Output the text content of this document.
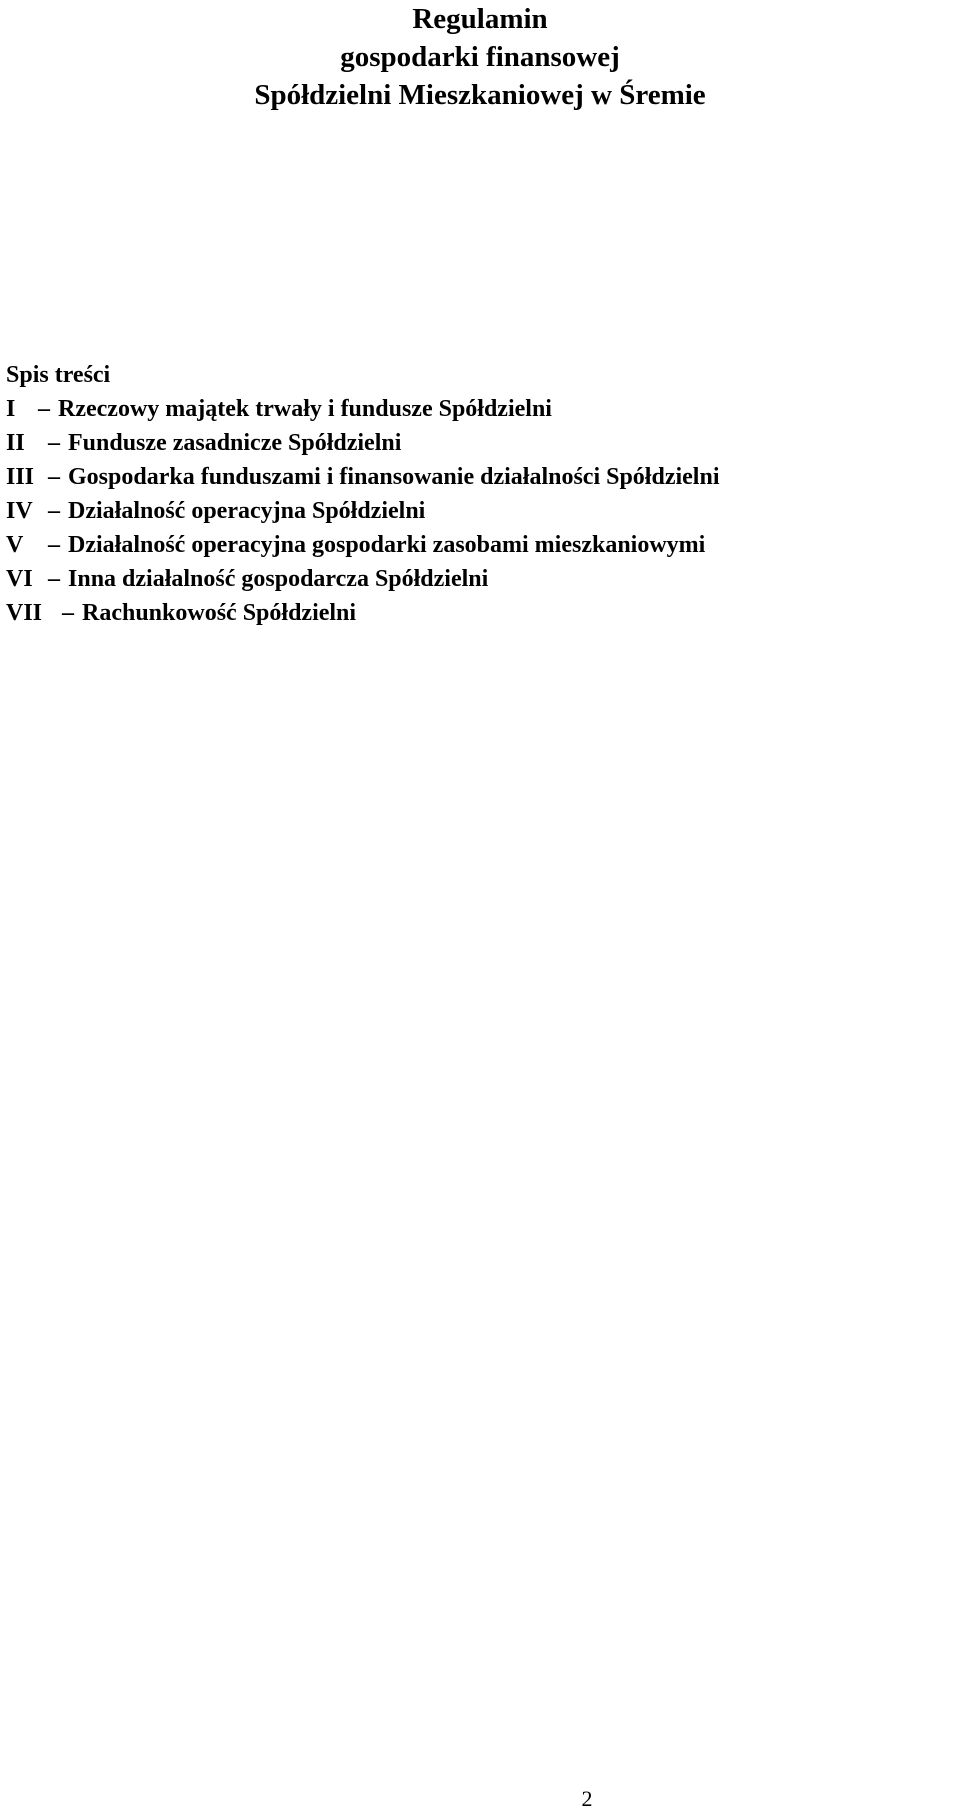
Regulamin
gospodarki finansowej
Spółdzielni Mieszkaniowej w Śremie
Spis treści
I – Rzeczowy majątek trwały i fundusze Spółdzielni
II – Fundusze zasadnicze Spółdzielni
III – Gospodarka funduszami i finansowanie działalności Spółdzielni
IV – Działalność operacyjna Spółdzielni
V	– Działalność operacyjna gospodarki zasobami mieszkaniowymi
VI – Inna działalność gospodarcza Spółdzielni
VII – Rachunkowość Spółdzielni
2
